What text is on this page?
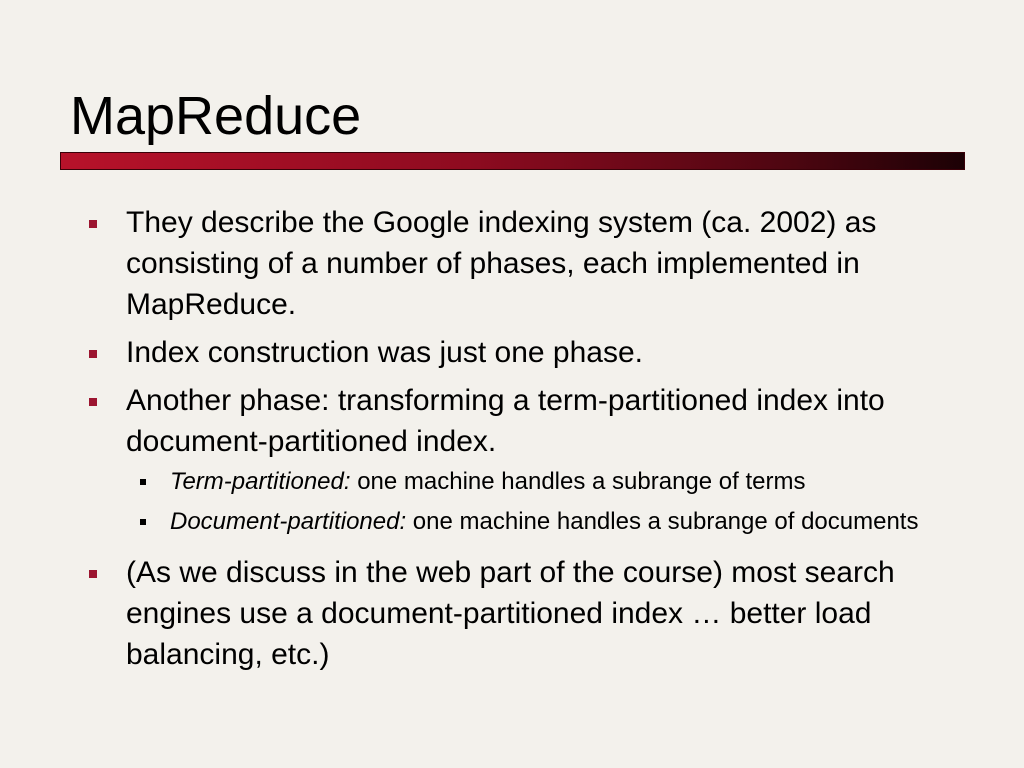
MapReduce
They describe the Google indexing system (ca. 2002) as consisting of a number of phases, each implemented in MapReduce.
Index construction was just one phase.
Another phase: transforming a term-partitioned index into document-partitioned index.
Term-partitioned: one machine handles a subrange of terms
Document-partitioned: one machine handles a subrange of documents
(As we discuss in the web part of the course) most search engines use a document-partitioned index … better load balancing, etc.)
